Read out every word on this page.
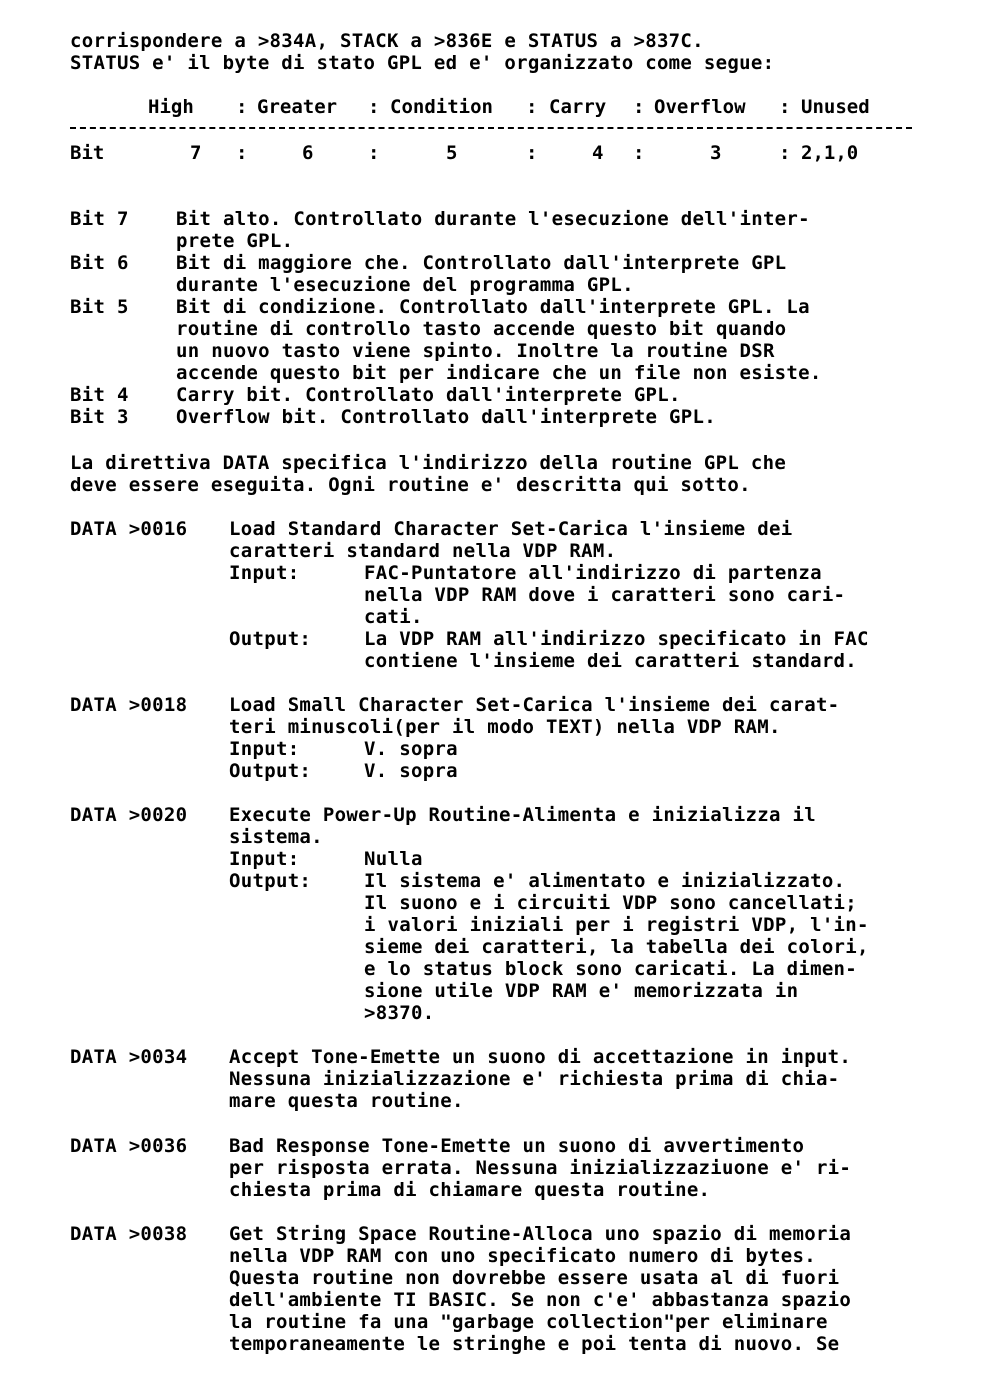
corrispondere a >834A, STACK a >836E e STATUS a >837C.
STATUS e' il byte di stato GPL ed e' organizzato come segue:
High : Greater : Condition : Carry : Overflow : Unused
Bit	7 :	6	:	5	:	4 :	3	: 2,1,0
Bit 7 Bit alto. Controllato durante l'esecuzione dell'inter-
prete GPL.
Bit 6 Bit di maggiore che. Controllato dall'interprete GPL
durante l'esecuzione del programma GPL.
Bit 5 Bit di condizione. Controllato dall'interprete GPL. La
routine di controllo tasto accende questo bit quando
un nuovo tasto viene spinto. Inoltre la routine DSR
accende questo bit per indicare che un file non esiste.
Bit 4 Carry bit. Controllato dall'interprete GPL.
Bit 3 Overflow bit. Controllato dall'interprete GPL.
La direttiva DATA specifica l'indirizzo della routine GPL che
deve essere eseguita. Ogni routine e' descritta qui sotto.
DATA >0016 Load Standard Character Set-Carica l'insieme dei
caratteri standard nella VDP RAM.
Input:	FAC-Puntatore all'indirizzo di partenza
nella VDP RAM dove i caratteri sono cari-
cati.
Output:	La VDP RAM all'indirizzo specificato in FAC
contiene l'insieme dei caratteri standard.
DATA >0018 Load Small Character Set-Carica l'insieme dei carat-
teri minuscoli(per il modo TEXT) nella VDP RAM.
Input:	V. sopra
Output:	V. sopra
DATA >0020 Execute Power-Up Routine-Alimenta e inizializza il
sistema.
Input:	Nulla
Output:	Il sistema e' alimentato e inizializzato.
Il suono e i circuiti VDP sono cancellati;
i valori iniziali per i registri VDP, l'in-
sieme dei caratteri, la tabella dei colori,
e lo status block sono caricati. La dimen-
sione utile VDP RAM e' memorizzata in
>8370.
DATA >0034 Accept Tone-Emette un suono di accettazione in input.
Nessuna inizializzazione e' richiesta prima di chia-
mare questa routine.
DATA >0036 Bad Response Tone-Emette un suono di avvertimento
per risposta errata. Nessuna inizializzaziuone e' ri-
chiesta prima di chiamare questa routine.
DATA >0038 Get String Space Routine-Alloca uno spazio di memoria
nella VDP RAM con uno specificato numero di bytes.
Questa routine non dovrebbe essere usata al di fuori
dell'ambiente TI BASIC. Se non c'e' abbastanza spazio
la routine fa una "garbage collection"per eliminare
temporaneamente le stringhe e poi tenta di nuovo. Se
